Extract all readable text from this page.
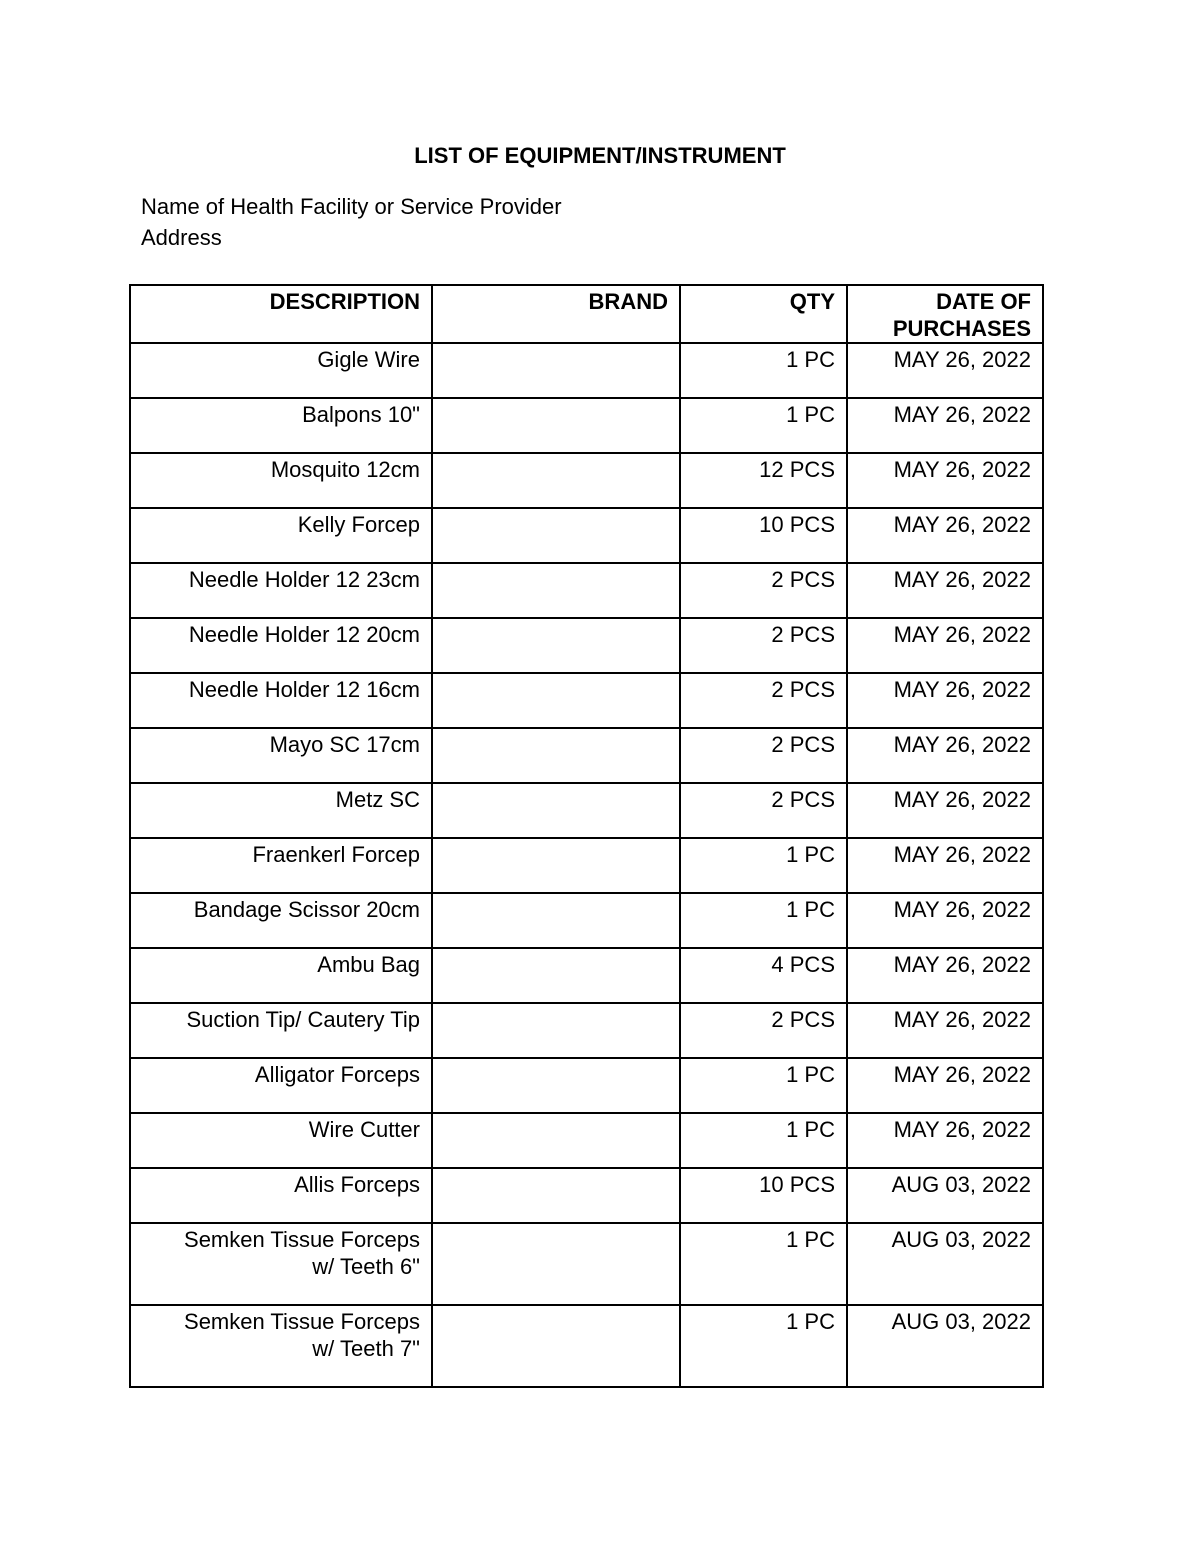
LIST OF EQUIPMENT/INSTRUMENT
Name of Health Facility or Service Provider
Address
DESCRIPTION	BRAND	QTY	DATE OF
PURCHASES

Gigle Wire		1 PC	MAY 26, 2022

Balpons 10"		1 PC	MAY 26, 2022

Mosquito 12cm		12 PCS	MAY 26, 2022

Kelly Forcep		10 PCS	MAY 26, 2022

Needle Holder 12 23cm		2 PCS	MAY 26, 2022

Needle Holder 12 20cm		2 PCS	MAY 26, 2022

Needle Holder 12 16cm		2 PCS	MAY 26, 2022

Mayo SC 17cm		2 PCS	MAY 26, 2022

Metz SC		2 PCS	MAY 26, 2022

Fraenkerl Forcep		1 PC	MAY 26, 2022

Bandage Scissor 20cm		1 PC	MAY 26, 2022

Ambu Bag		4 PCS	MAY 26, 2022

Suction Tip/ Cautery Tip		2 PCS	MAY 26, 2022

Alligator Forceps		1 PC	MAY 26, 2022

Wire Cutter		1 PC	MAY 26, 2022

Allis Forceps		10 PCS	AUG 03, 2022

Semken Tissue Forceps
w/ Teeth 6"		1 PC	AUG 03, 2022

Semken Tissue Forceps
w/ Teeth 7"		1 PC	AUG 03, 2022
